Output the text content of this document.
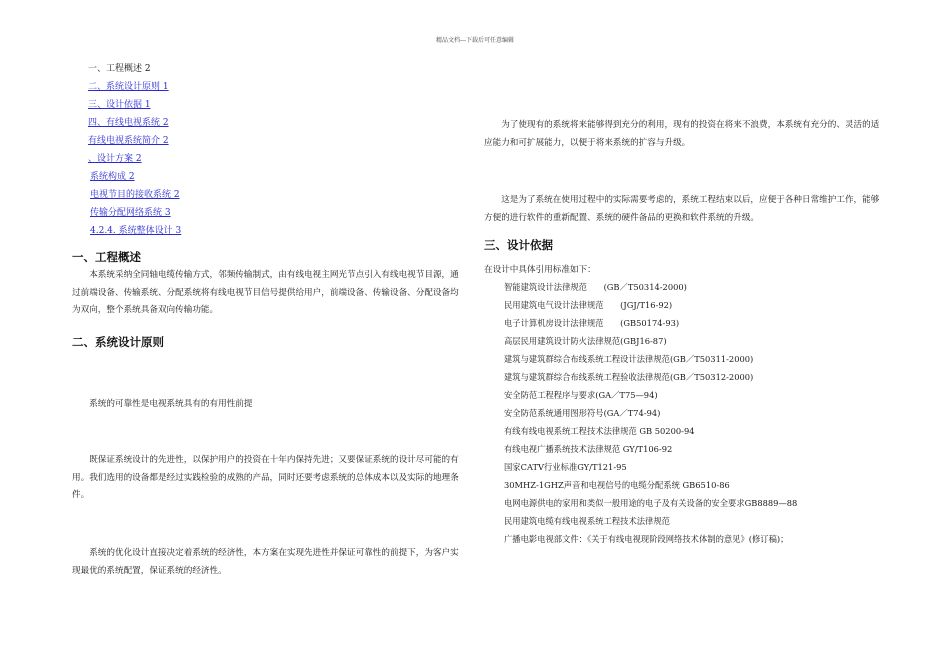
精品文档---下载后可任意编辑
一、工程概述 2
二、系统设计原则 1
三、设计依据 1
四、有线电视系统 2
有线电视系统简介 2
、设计方案 2
系统构成 2
电视节目的接收系统 2
传输分配网络系统 3
4.2.4. 系统整体设计 3
一、工程概述
本系统采纳全同轴电缆传输方式，邻频传输制式，由有线电视主网光节点引入有线电视节目源，通过前端设备、传输系统、分配系统将有线电视节目信号提供给用户，前端设备、传输设备、分配设备均为双向，整个系统具备双向传输功能。
二、系统设计原则
系统的可靠性是电视系统具有的有用性前提
既保证系统设计的先进性，以保护用户的投资在十年内保持先进；又要保证系统的设计尽可能的有用。我们选用的设备都是经过实践检验的成熟的产品，同时还要考虑系统的总体成本以及实际的地理条件。
系统的优化设计直接决定着系统的经济性，本方案在实现先进性并保证可靠性的前提下，为客户实现最优的系统配置，保证系统的经济性。
为了使现有的系统将来能够得到充分的利用，现有的投资在将来不浪费，本系统有充分的、灵活的适应能力和可扩展能力，以便于将来系统的扩容与升级。
这是为了系统在使用过程中的实际需要考虑的，系统工程结束以后，应便于各种日常维护工作，能够方便的进行软件的重新配置、系统的硬件备品的更换和软件系统的升级。
三、设计依据
在设计中具体引用标准如下：
智能建筑设计法律规范　　(GB／T50314-2000)
民用建筑电气设计法律规范　　(JGJ/T16-92)
电子计算机房设计法律规范　　(GB50174-93)
高层民用建筑设计防火法律规范(GBJ16-87)
建筑与建筑群综合布线系统工程设计法律规范(GB／T50311-2000)
建筑与建筑群综合布线系统工程验收法律规范(GB／T50312-2000)
安全防范工程程序与要求(GA／T75—94)
安全防范系统通用图形符号(GA／T74-94)
有线有线电视系统工程技术法律规范 GB 50200-94
有线电视广播系统技术法律规范 GY/T106-92
国家CATV行业标准GY/T121-95
30MHZ-1GHZ声音和电视信号的电缆分配系统 GB6510-86
电网电源供电的家用和类似一般用途的电子及有关设备的安全要求GB8889—88
民用建筑电缆有线电视系统工程技术法律规范
广播电影电视部文件：《关于有线电视现阶段网络技术体制的意见》(修订稿)；
